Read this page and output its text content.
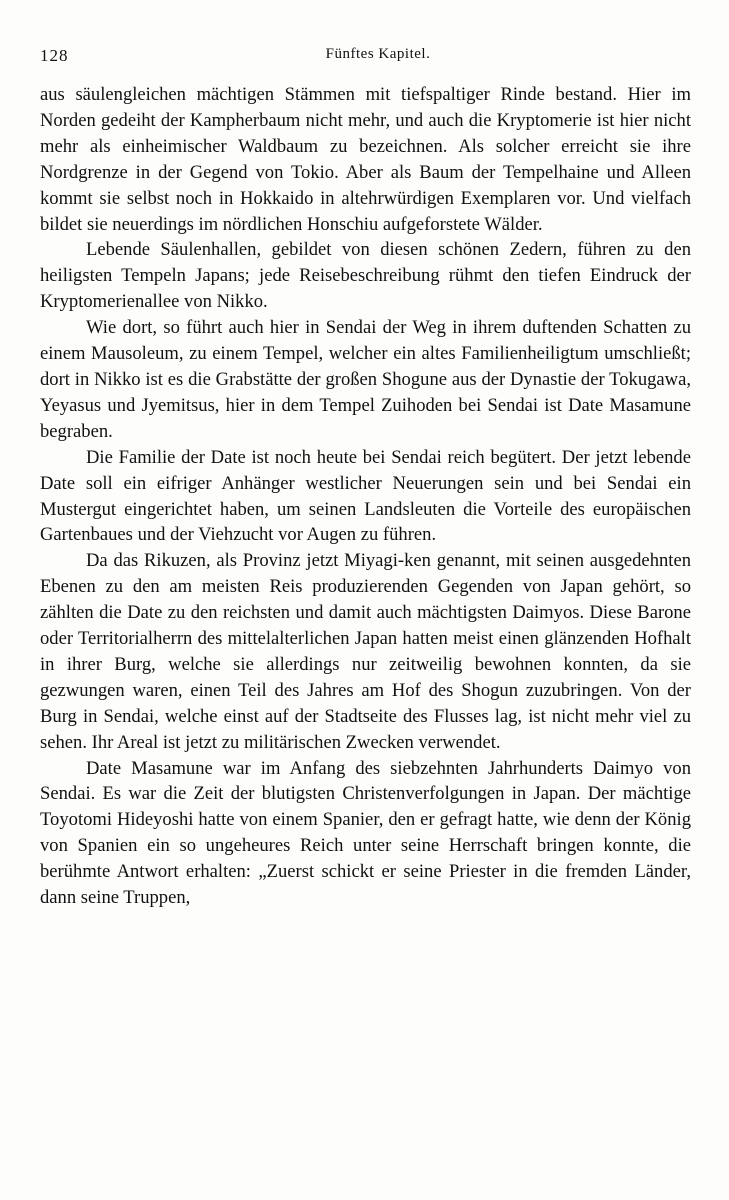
128	Fünftes Kapitel.

aus säulengleichen mächtigen Stämmen mit tiefspaltiger Rinde bestand. Hier im Norden gedeiht der Kampherbaum nicht mehr, und auch die Kryptomerie ist hier nicht mehr als einheimischer Waldbaum zu bezeichnen. Als solcher erreicht sie ihre Nordgrenze in der Gegend von Tokio. Aber als Baum der Tempelhaine und Alleen kommt sie selbst noch in Hokkaido in altehrwürdigen Exemplaren vor. Und vielfach bildet sie neuerdings im nördlichen Honschiu aufgeforstete Wälder.

Lebende Säulenhallen, gebildet von diesen schönen Zedern, führen zu den heiligsten Tempeln Japans; jede Reisebeschreibung rühmt den tiefen Eindruck der Kryptomerienallee von Nikko.

Wie dort, so führt auch hier in Sendai der Weg in ihrem duftenden Schatten zu einem Mausoleum, zu einem Tempel, welcher ein altes Familienheiligtum umschließt; dort in Nikko ist es die Grabstätte der großen Shogune aus der Dynastie der Tokugawa, Yeyasus und Jyemitsus, hier in dem Tempel Zuihoden bei Sendai ist Date Masamune begraben.

Die Familie der Date ist noch heute bei Sendai reich begütert. Der jetzt lebende Date soll ein eifriger Anhänger westlicher Neuerungen sein und bei Sendai ein Mustergut eingerichtet haben, um seinen Landsleuten die Vorteile des europäischen Gartenbaues und der Viehzucht vor Augen zu führen.

Da das Rikuzen, als Provinz jetzt Miyagi-ken genannt, mit seinen ausgedehnten Ebenen zu den am meisten Reis produzierenden Gegenden von Japan gehört, so zählten die Date zu den reichsten und damit auch mächtigsten Daimyos. Diese Barone oder Territorialherrn des mittelalterlichen Japan hatten meist einen glänzenden Hofhalt in ihrer Burg, welche sie allerdings nur zeitweilig bewohnen konnten, da sie gezwungen waren, einen Teil des Jahres am Hof des Shogun zuzubringen. Von der Burg in Sendai, welche einst auf der Stadtseite des Flusses lag, ist nicht mehr viel zu sehen. Ihr Areal ist jetzt zu militärischen Zwecken verwendet.

Date Masamune war im Anfang des siebzehnten Jahrhunderts Daimyo von Sendai. Es war die Zeit der blutigsten Christenverfolgungen in Japan. Der mächtige Toyotomi Hideyoshi hatte von einem Spanier, den er gefragt hatte, wie denn der König von Spanien ein so ungeheures Reich unter seine Herrschaft bringen konnte, die berühmte Antwort erhalten: „Zuerst schickt er seine Priester in die fremden Länder, dann seine Truppen,
